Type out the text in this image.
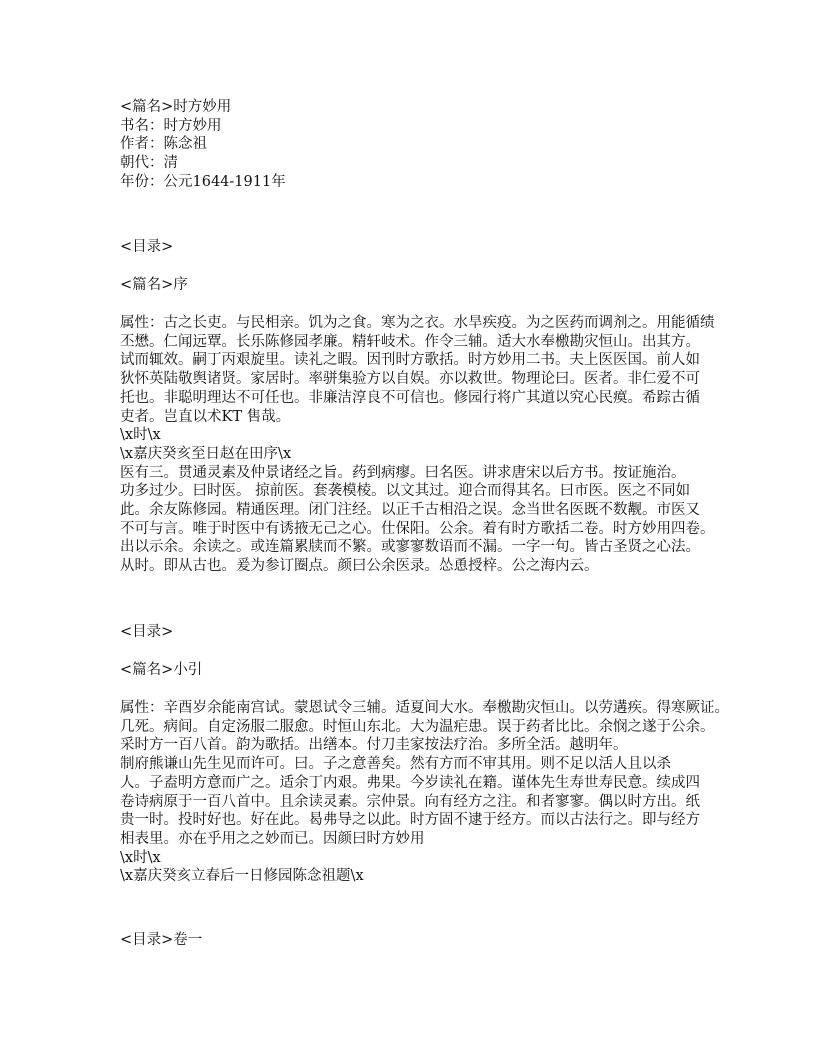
<篇名>时方妙用
书名：时方妙用
作者：陈念祖
朝代：清
年份：公元1644-1911年
<目录>
<篇名>序
属性：古之长吏。与民相亲。饥为之食。寒为之衣。水旱疾疫。为之医药而调剂之。用能循绩
丕懋。仁闻远覃。长乐陈修园孝廉。精轩岐术。作令三辅。适大水奉檄勘灾恒山。出其方。
试而辄效。嗣丁丙艰旋里。读礼之暇。因刊时方歌括。时方妙用二书。夫上医医国。前人如
狄怀英陆敬舆诸贤。家居时。率骈集验方以自娱。亦以救世。物理论曰。医者。非仁爱不可
托也。非聪明理达不可任也。非廉洁淳良不可信也。修园行将广其道以究心民瘼。希踪古循
吏者。岂直以术KT 售哉。
\x时\x
\x嘉庆癸亥至日赵在田序\x
医有三。贯通灵素及仲景诸经之旨。药到病瘳。曰名医。讲求唐宋以后方书。按证施治。
功多过少。曰时医。 掠前医。套袭模棱。以文其过。迎合而得其名。曰市医。医之不同如
此。余友陈修园。精通医理。闭门注经。以正千古相沿之误。念当世名医既不数觏。市医又
不可与言。唯于时医中有诱掖无己之心。仕保阳。公余。着有时方歌括二卷。时方妙用四卷。
出以示余。余读之。或连篇累牍而不繁。或寥寥数语而不漏。一字一句。皆古圣贤之心法。
从时。即从古也。爰为参订圈点。颜曰公余医录。怂恿授梓。公之海内云。
<目录>
<篇名>小引
属性：辛酉岁余能南宫试。蒙恩试令三辅。适夏间大水。奉檄勘灾恒山。以劳遘疾。得寒厥证。
几死。病间。自定汤服二服愈。时恒山东北。大为温疟患。误于药者比比。余悯之遂于公余。
采时方一百八首。韵为歌括。出缮本。付刀圭家按法疗治。多所全活。越明年。
制府熊谦山先生见而许可。曰。子之意善矣。然有方而不审其用。则不足以活人且以杀
人。子盍明方意而广之。适余丁内艰。弗果。今岁读礼在籍。谨体先生寿世寿民意。续成四
卷诗病原于一百八首中。且余读灵素。宗仲景。向有经方之注。和者寥寥。偶以时方出。纸
贵一时。投时好也。好在此。曷弗导之以此。时方固不逮于经方。而以古法行之。即与经方
相表里。亦在乎用之之妙而已。因颜曰时方妙用
\x时\x
\x嘉庆癸亥立春后一日修园陈念祖题\x
<目录>卷一
